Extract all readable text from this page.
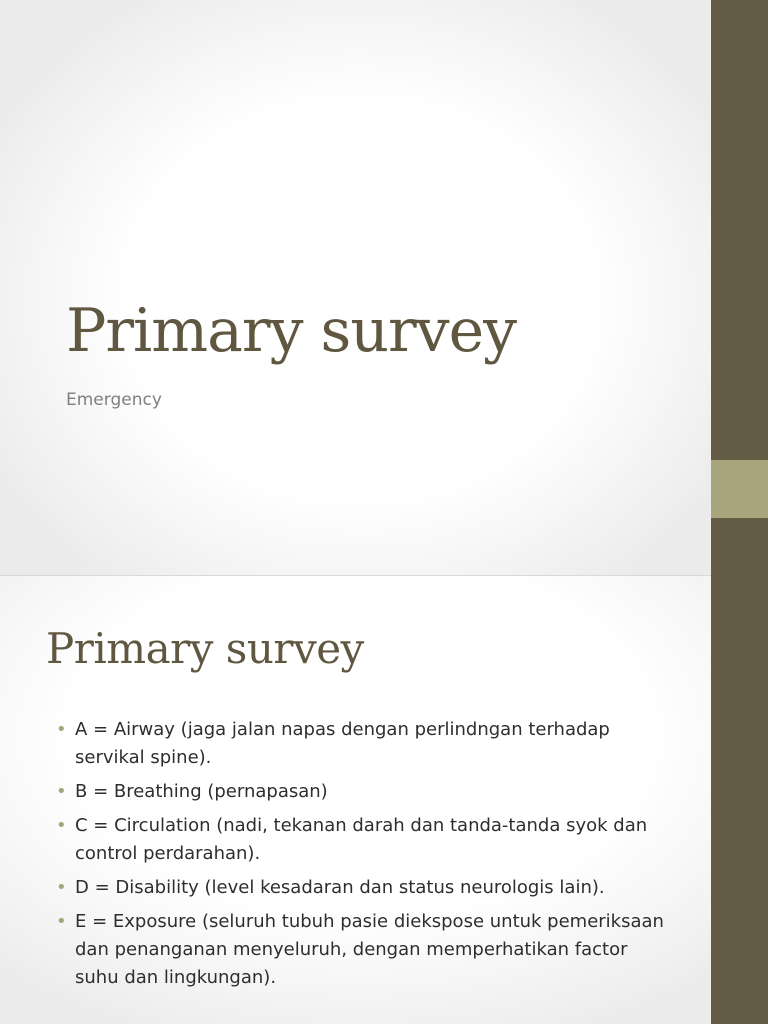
Primary survey
Emergency
Primary survey
• A = Airway (jaga jalan napas dengan perlindngan terhadap servikal spine).
• B = Breathing (pernapasan)
• C = Circulation (nadi, tekanan darah dan tanda-tanda syok dan control perdarahan).
• D = Disability (level kesadaran dan status neurologis lain).
• E = Exposure (seluruh tubuh pasie diekspose untuk pemeriksaan dan penanganan menyeluruh, dengan memperhatikan factor suhu dan lingkungan).
